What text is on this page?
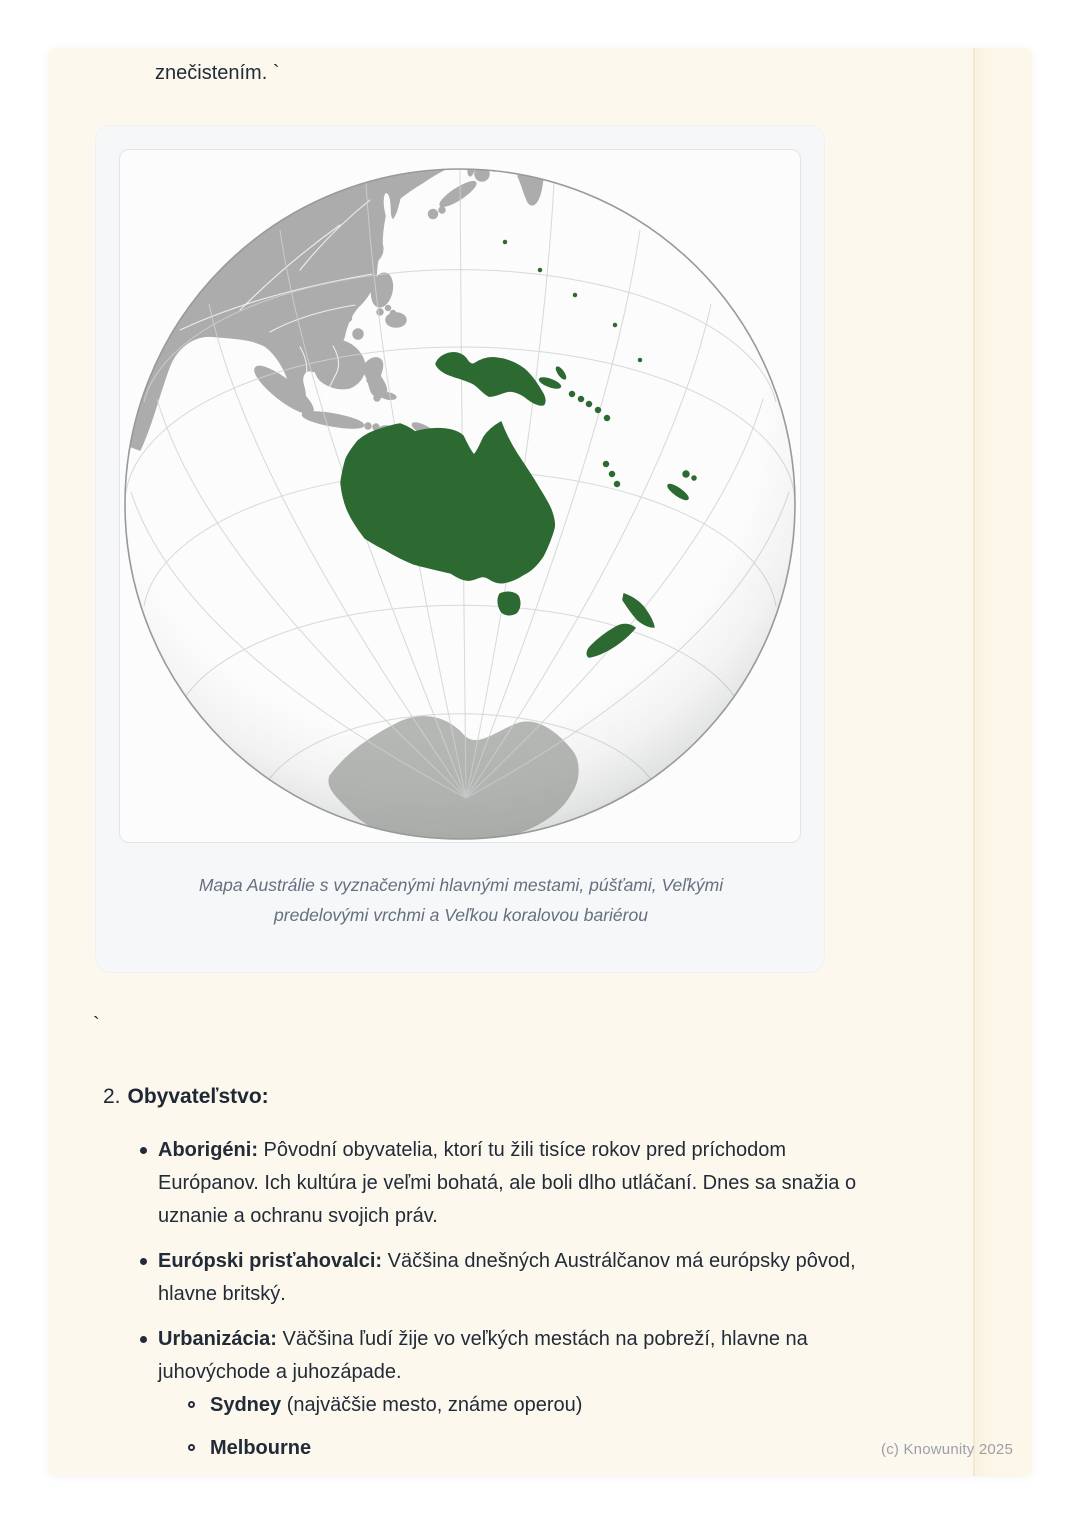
znečistením. `
Mapa Austrálie s vyznačenými hlavnými mestami, púšťami, Veľkými predelovými vrchmi a Veľkou koralovou bariérou
`
2. Obyvateľstvo:
Aborigéni: Pôvodní obyvatelia, ktorí tu žili tisíce rokov pred príchodom Európanov. Ich kultúra je veľmi bohatá, ale boli dlho utláčaní. Dnes sa snažia o uznanie a ochranu svojich práv.
Európski prisťahovalci: Väčšina dnešných Austrálčanov má európsky pôvod, hlavne britský.
Urbanizácia: Väčšina ľudí žije vo veľkých mestách na pobreží, hlavne na juhovýchode a juhozápade.
Sydney (najväčšie mesto, známe operou)
Melbourne	(c) Knowunity 2025
